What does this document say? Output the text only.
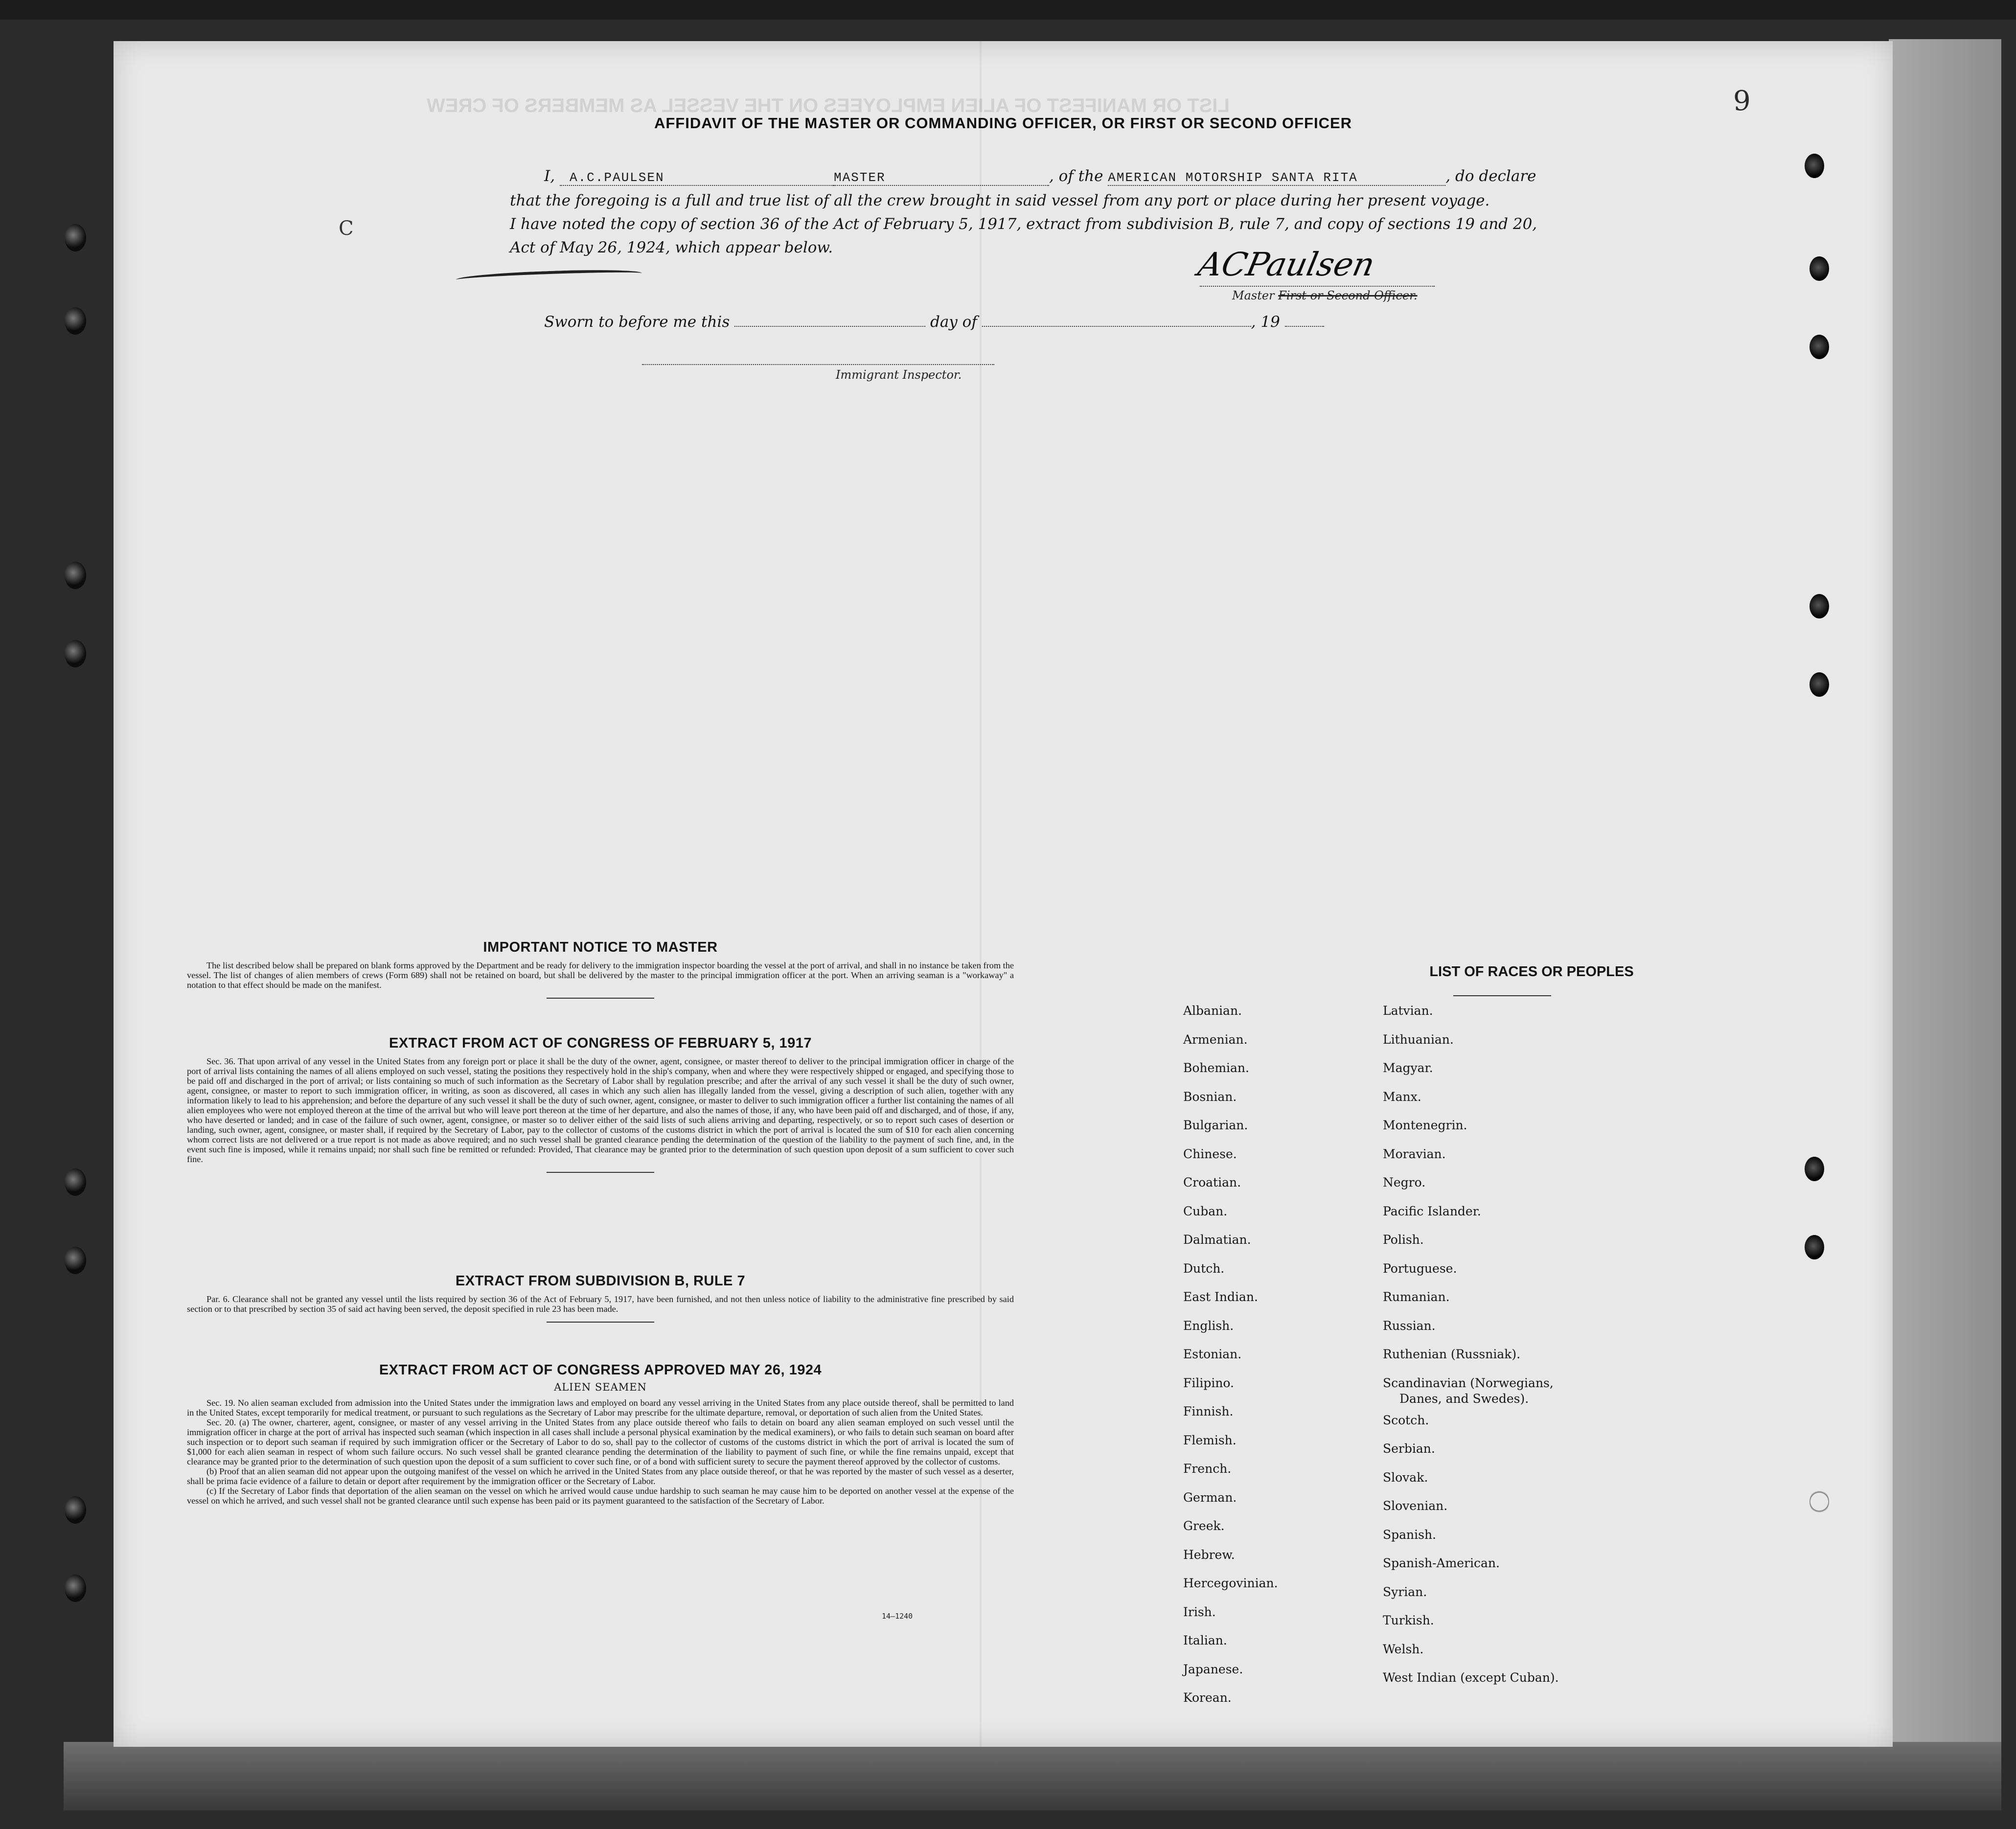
LIST OR MANIFEST OF ALIEN EMPLOYEES ON THE VESSEL AS MEMBERS OF CREW	9
C
AFFIDAVIT OF THE MASTER OR COMMANDING OFFICER, OR FIRST OR SECOND OFFICER
I, A.C.PAULSEN	MASTER	, of the AMERICAN MOTORSHIP SANTA RITA	, do declare
that the foregoing is a full and true list of all the crew brought in said vessel from any port or place during her present voyage.
I have noted the copy of section 36 of the Act of February 5, 1917, extract from subdivision B, rule 7, and copy of sections 19 and 20,
Act of May 26, 1924, which appear below.	ACPaulsen
Master First or Second Officer.
Sworn to before me this	day of	, 19
Immigrant Inspector.
IMPORTANT NOTICE TO MASTER

The list described below shall be prepared on blank forms approved by the Department and be ready for delivery to the immigration inspector boarding the vessel at the port of arrival, and shall in no instance be taken from the vessel. The list of changes of alien members of crews (Form 689) shall not be retained on board, but shall be delivered by the master to the principal immigration officer at the port. When an arriving seaman is a "workaway" a notation to that effect should be made on the manifest.

EXTRACT FROM ACT OF CONGRESS OF FEBRUARY 5, 1917

Sec. 36. That upon arrival of any vessel in the United States from any foreign port or place it shall be the duty of the owner, agent, consignee, or master thereof to deliver to the principal immigration officer in charge of the port of arrival lists containing the names of all aliens employed on such vessel, stating the positions they respectively hold in the ship's company, when and where they were respectively shipped or engaged, and specifying those to be paid off and discharged in the port of arrival; or lists containing so much of such information as the Secretary of Labor shall by regulation prescribe; and after the arrival of any such vessel it shall be the duty of such owner, agent, consignee, or master to report to such immigration officer, in writing, as soon as discovered, all cases in which any such alien has illegally landed from the vessel, giving a description of such alien, together with any information likely to lead to his apprehension; and before the departure of any such vessel it shall be the duty of such owner, agent, consignee, or master to deliver to such immigration officer a further list containing the names of all alien employees who were not employed thereon at the time of the arrival but who will leave port thereon at the time of her departure, and also the names of those, if any, who have been paid off and discharged, and of those, if any, who have deserted or landed; and in case of the failure of such owner, agent, consignee, or master so to deliver either of the said lists of such aliens arriving and departing, respectively, or so to report such cases of desertion or landing, such owner, agent, consignee, or master shall, if required by the Secretary of Labor, pay to the collector of customs of the customs district in which the port of arrival is located the sum of $10 for each alien concerning whom correct lists are not delivered or a true report is not made as above required; and no such vessel shall be granted clearance pending the determination of the question of the liability to the payment of such fine, and, in the event such fine is imposed, while it remains unpaid; nor shall such fine be remitted or refunded: Provided, That clearance may be granted prior to the determination of such question upon deposit of a sum sufficient to cover such fine.

EXTRACT FROM SUBDIVISION B, RULE 7

Par. 6. Clearance shall not be granted any vessel until the lists required by section 36 of the Act of February 5, 1917, have been furnished, and not then unless notice of liability to the administrative fine prescribed by said section or to that prescribed by section 35 of said act having been served, the deposit specified in rule 23 has been made.

EXTRACT FROM ACT OF CONGRESS APPROVED MAY 26, 1924
ALIEN SEAMEN

Sec. 19. No alien seaman excluded from admission into the United States under the immigration laws and employed on board any vessel arriving in the United States from any place outside thereof, shall be permitted to land in the United States, except temporarily for medical treatment, or pursuant to such regulations as the Secretary of Labor may prescribe for the ultimate departure, removal, or deportation of such alien from the United States.

Sec. 20. (a) The owner, charterer, agent, consignee, or master of any vessel arriving in the United States from any place outside thereof who fails to detain on board any alien seaman employed on such vessel until the immigration officer in charge at the port of arrival has inspected such seaman (which inspection in all cases shall include a personal physical examination by the medical examiners), or who fails to detain such seaman on board after such inspection or to deport such seaman if required by such immigration officer or the Secretary of Labor to do so, shall pay to the collector of customs of the customs district in which the port of arrival is located the sum of $1,000 for each alien seaman in respect of whom such failure occurs. No such vessel shall be granted clearance pending the determination of the liability to payment of such fine, or while the fine remains unpaid, except that clearance may be granted prior to the determination of such question upon the deposit of a sum sufficient to cover such fine, or of a bond with sufficient surety to secure the payment thereof approved by the collector of customs.

(b) Proof that an alien seaman did not appear upon the outgoing manifest of the vessel on which he arrived in the United States from any place outside thereof, or that he was reported by the master of such vessel as a deserter, shall be prima facie evidence of a failure to detain or deport after requirement by the immigration officer or the Secretary of Labor.

(c) If the Secretary of Labor finds that deportation of the alien seaman on the vessel on which he arrived would cause undue hardship to such seaman he may cause him to be deported on another vessel at the expense of the vessel on which he arrived, and such vessel shall not be granted clearance until such expense has been paid or its payment guaranteed to the satisfaction of the Secretary of Labor.

14—1240
LIST OF RACES OR PEOPLES
Albanian.
Armenian.
Bohemian.
Bosnian.
Bulgarian.
Chinese.
Croatian.
Cuban.
Dalmatian.
Dutch.
East Indian.
English.
Estonian.
Filipino.
Finnish.
Flemish.
French.
German.
Greek.
Hebrew.
Hercegovinian.
Irish.
Italian.
Japanese.
Korean.
Latvian.
Lithuanian.
Magyar.
Manx.
Montenegrin.
Moravian.
Negro.
Pacific Islander.
Polish.
Portuguese.
Rumanian.
Russian.
Ruthenian (Russniak).
Scandinavian (Norwegians,
Danes, and Swedes).
Scotch.
Serbian.
Slovak.
Slovenian.
Spanish.
Spanish-American.
Syrian.
Turkish.
Welsh.
West Indian (except Cuban).
